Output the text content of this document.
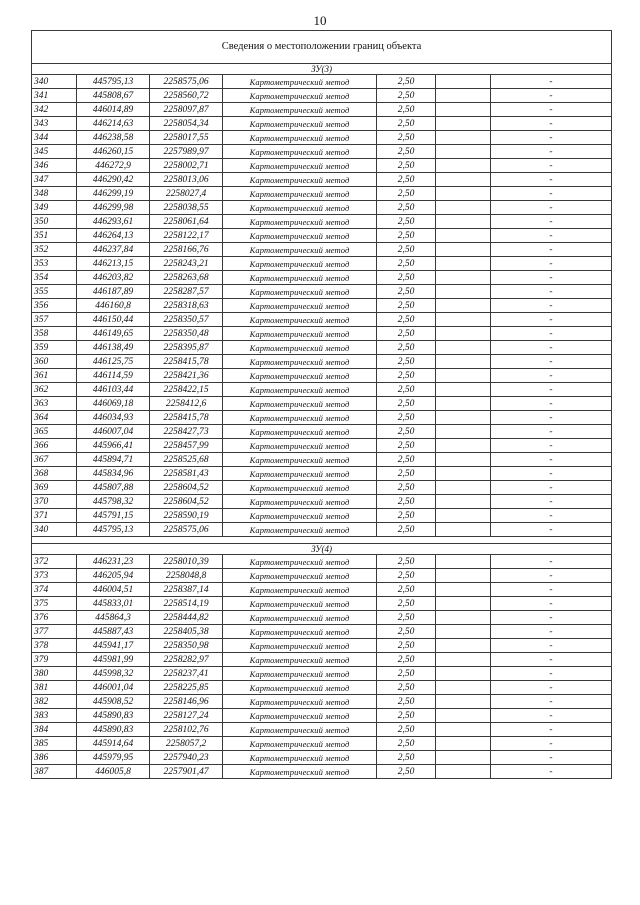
10
Сведения о местоположении границ объекта						
ЗУ(3)						
340	445795,13	2258575,06	Картометрический метод	2,50		-
341	445808,67	2258560,72	Картометрический метод	2,50		-
342	446014,89	2258097,87	Картометрический метод	2,50		-
343	446214,63	2258054,34	Картометрический метод	2,50		-
344	446238,58	2258017,55	Картометрический метод	2,50		-
345	446260,15	2257989,97	Картометрический метод	2,50		-
346	446272,9	2258002,71	Картометрический метод	2,50		-
347	446290,42	2258013,06	Картометрический метод	2,50		-
348	446299,19	2258027,4	Картометрический метод	2,50		-
349	446299,98	2258038,55	Картометрический метод	2,50		-
350	446293,61	2258061,64	Картометрический метод	2,50		-
351	446264,13	2258122,17	Картометрический метод	2,50		-
352	446237,84	2258166,76	Картометрический метод	2,50		-
353	446213,15	2258243,21	Картометрический метод	2,50		-
354	446203,82	2258263,68	Картометрический метод	2,50		-
355	446187,89	2258287,57	Картометрический метод	2,50		-
356	446160,8	2258318,63	Картометрический метод	2,50		-
357	446150,44	2258350,57	Картометрический метод	2,50		-
358	446149,65	2258350,48	Картометрический метод	2,50		-
359	446138,49	2258395,87	Картометрический метод	2,50		-
360	446125,75	2258415,78	Картометрический метод	2,50		-
361	446114,59	2258421,36	Картометрический метод	2,50		-
362	446103,44	2258422,15	Картометрический метод	2,50		-
363	446069,18	2258412,6	Картометрический метод	2,50		-
364	446034,93	2258415,78	Картометрический метод	2,50		-
365	446007,04	2258427,73	Картометрический метод	2,50		-
366	445966,41	2258457,99	Картометрический метод	2,50		-
367	445894,71	2258525,68	Картометрический метод	2,50		-
368	445834,96	2258581,43	Картометрический метод	2,50		-
369	445807,88	2258604,52	Картометрический метод	2,50		-
370	445798,32	2258604,52	Картометрический метод	2,50		-
371	445791,15	2258590,19	Картометрический метод	2,50		-
340	445795,13	2258575,06	Картометрический метод	2,50		-

ЗУ(4)						
372	446231,23	2258010,39	Картометрический метод	2,50		-
373	446205,94	2258048,8	Картометрический метод	2,50		-
374	446004,51	2258387,14	Картометрический метод	2,50		-
375	445833,01	2258514,19	Картометрический метод	2,50		-
376	445864,3	2258444,82	Картометрический метод	2,50		-
377	445887,43	2258405,38	Картометрический метод	2,50		-
378	445941,17	2258350,98	Картометрический метод	2,50		-
379	445981,99	2258282,97	Картометрический метод	2,50		-
380	445998,32	2258237,41	Картометрический метод	2,50		-
381	446001,04	2258225,85	Картометрический метод	2,50		-
382	445908,52	2258146,96	Картометрический метод	2,50		-
383	445890,83	2258127,24	Картометрический метод	2,50		-
384	445890,83	2258102,76	Картометрический метод	2,50		-
385	445914,64	2258057,2	Картометрический метод	2,50		-
386	445979,95	2257940,23	Картометрический метод	2,50		-
387	446005,8	2257901,47	Картометрический метод	2,50		-
